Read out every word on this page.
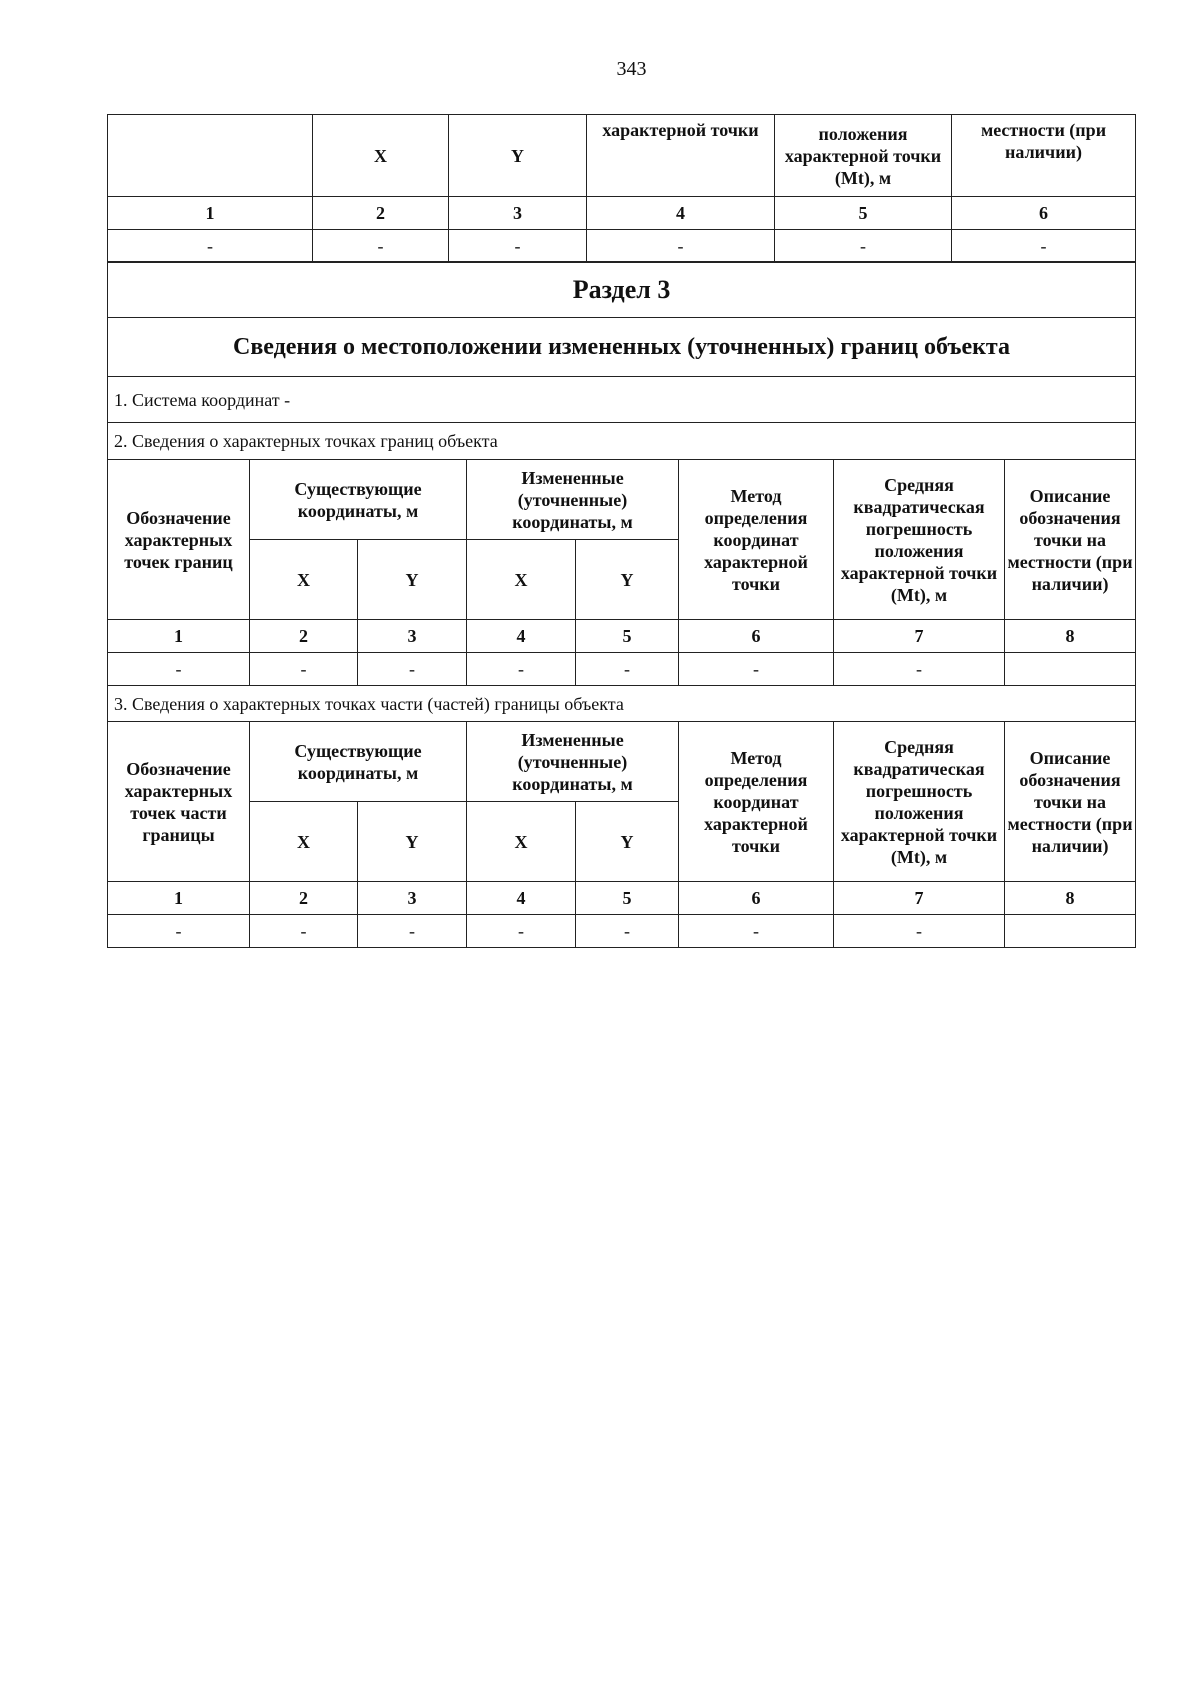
343
	X	Y	характерной точки	положения характерной точки (Mt), м	местности (при наличии)
1	2	3	4	5	6
-	-	-	-	-	-
Раздел 3							
Сведения о местоположении измененных (уточненных) границ объекта							
1. Система координат -							
2. Сведения о характерных точках границ объекта							
Обозначение характерных точек границ	Существующие координаты, м		Измененные (уточненные) координаты, м		Метод определения координат характерной точки	Средняя квадратическая погрешность положения характерной точки (Mt), м	Описание обозначения точки на местности (при наличии)
	X	Y	X	Y			
1	2	3	4	5	6	7	8
-	-	-	-	-	-	-	
3. Сведения о характерных точках части (частей) границы объекта							
Обозначение характерных точек части границы	Существующие координаты, м		Измененные (уточненные) координаты, м		Метод определения координат характерной точки	Средняя квадратическая погрешность положения характерной точки (Mt), м	Описание обозначения точки на местности (при наличии)
	X	Y	X	Y			
1	2	3	4	5	6	7	8
-	-	-	-	-	-	-	
